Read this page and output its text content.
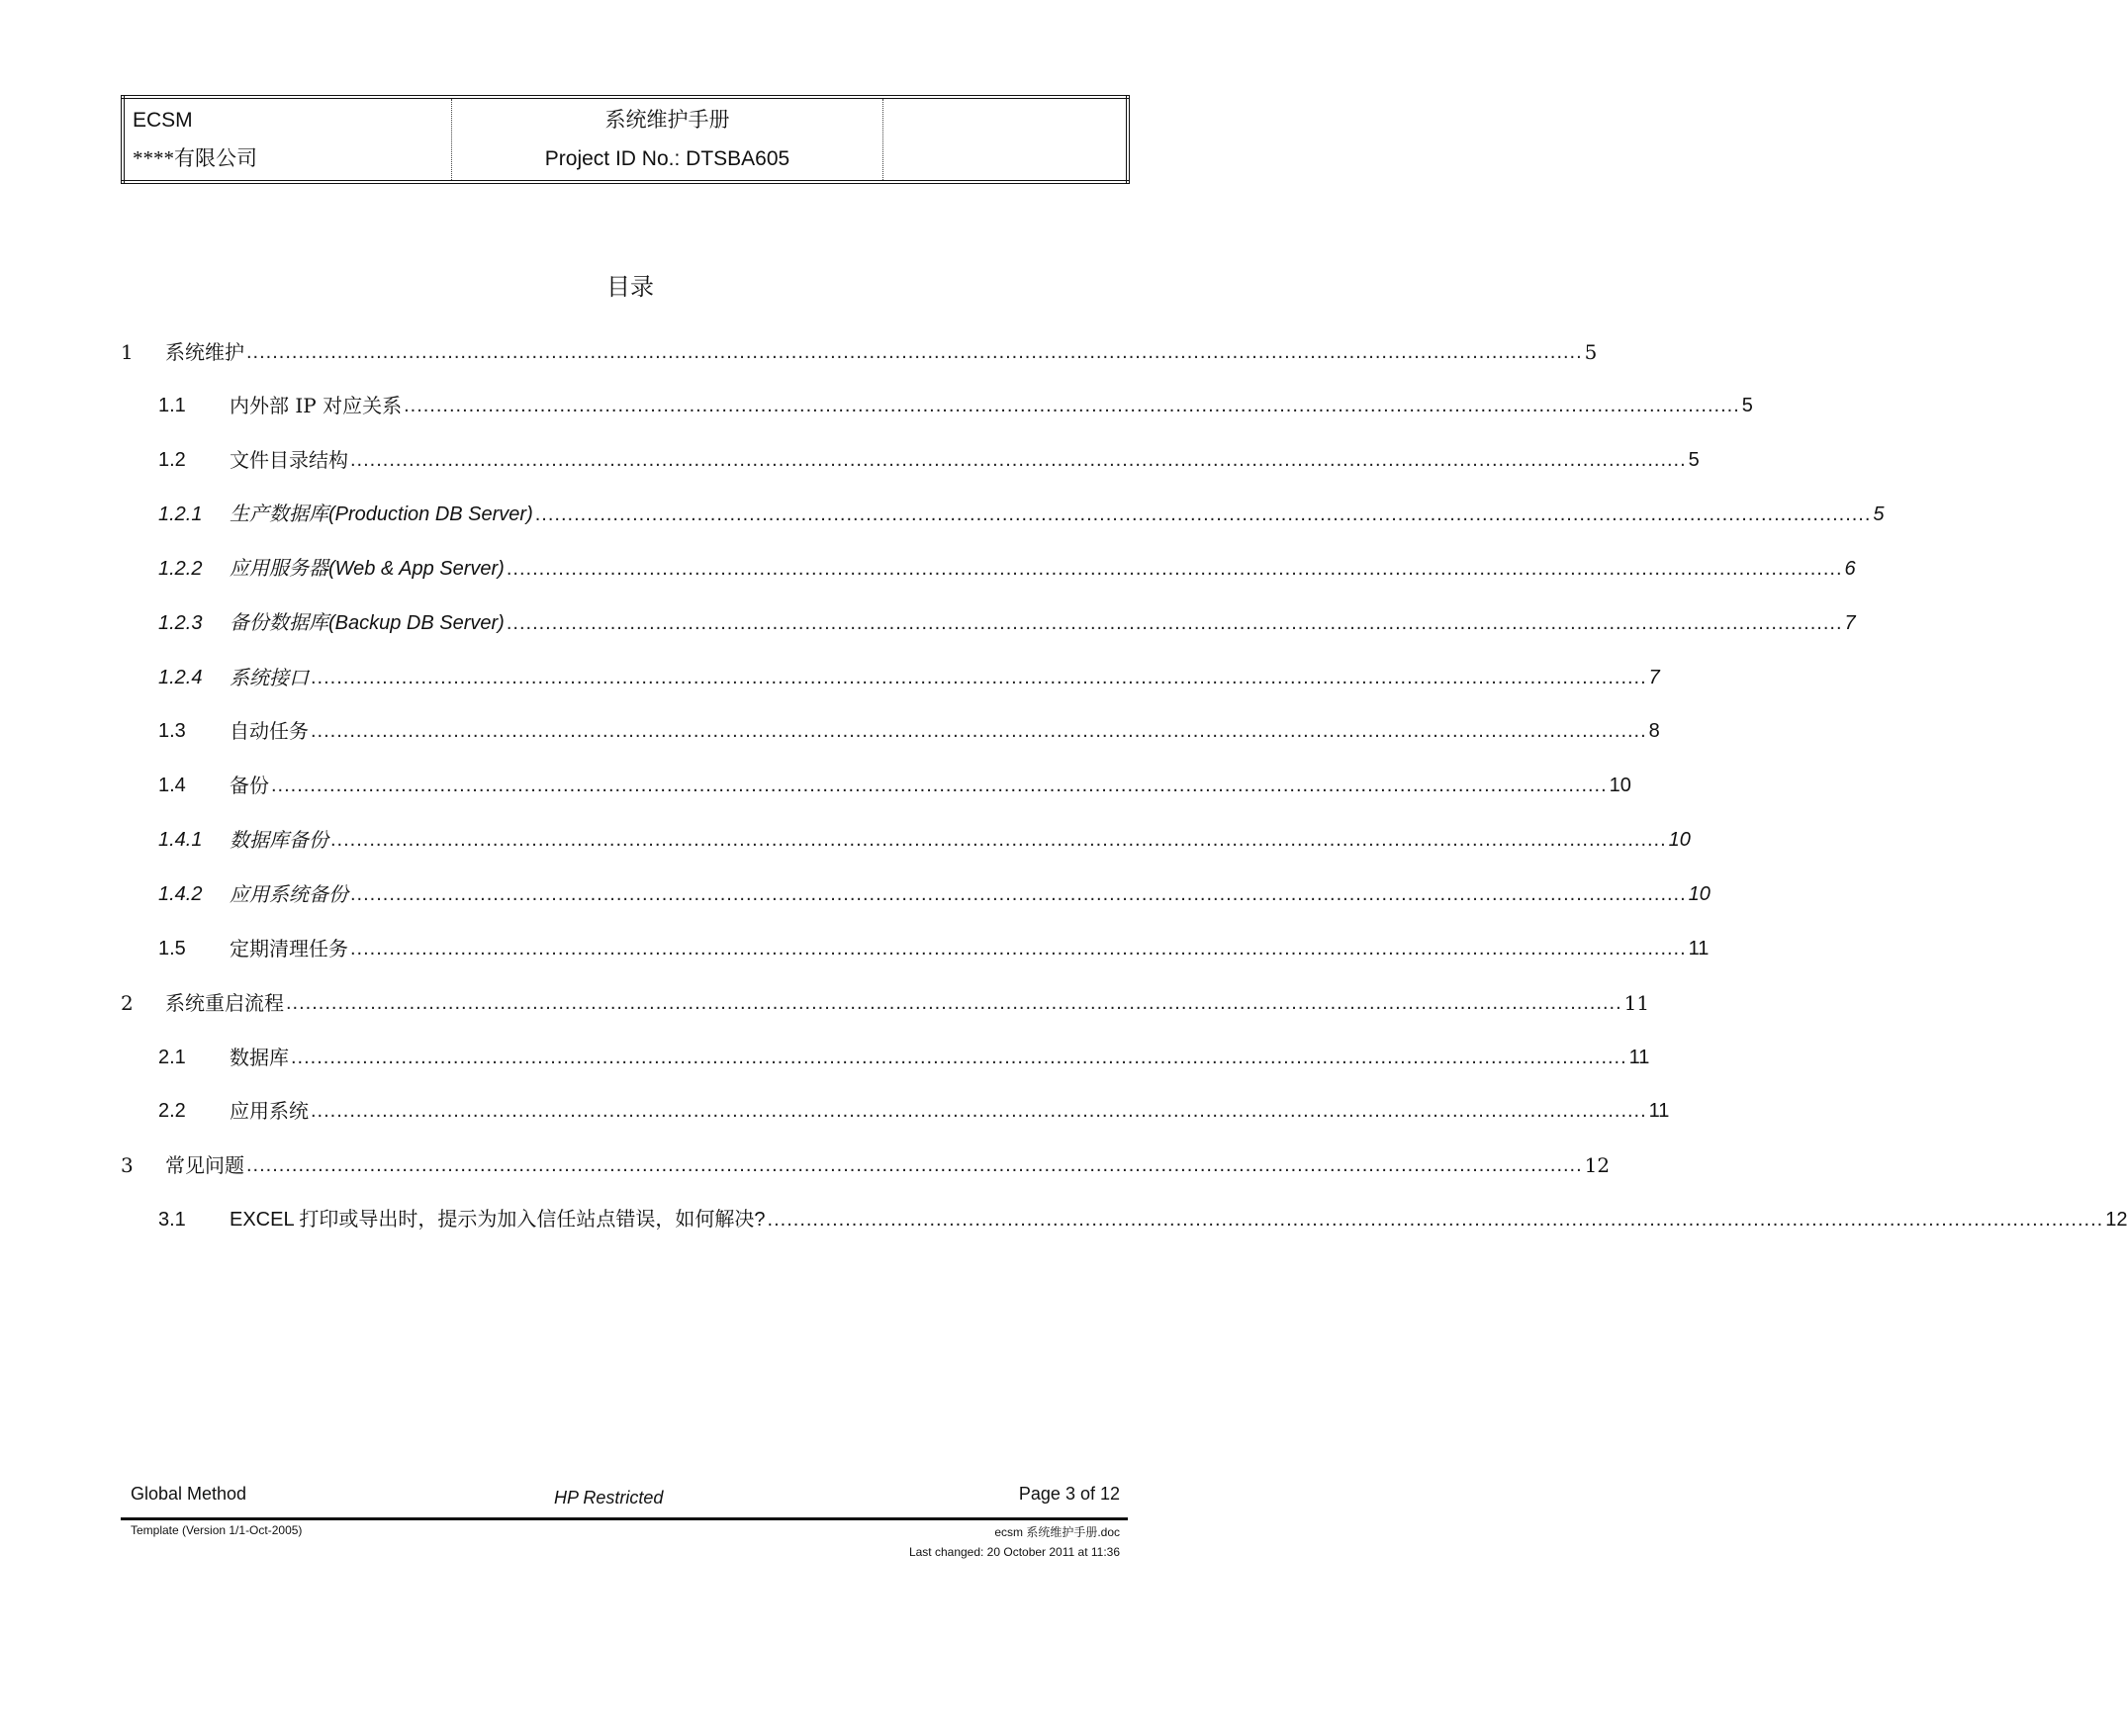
ECSM
****有限公司

系统维护手册
Project ID No.: DTSBA605

目录
1	系统维护 .............................................................................................................................................................................................................. 5
1.1	内外部 IP 对应关系 .............................................................................................................................................................................................................. 5
1.2	文件目录结构 .............................................................................................................................................................................................................. 5
1.2.1	生产数据库(Production DB Server) .............................................................................................................................................................................................................. 5
1.2.2	应用服务器(Web & App Server) .............................................................................................................................................................................................................. 6
1.2.3	备份数据库(Backup DB Server) .............................................................................................................................................................................................................. 7
1.2.4	系统接口 .............................................................................................................................................................................................................. 7
1.3	自动任务 .............................................................................................................................................................................................................. 8
1.4	备份 .............................................................................................................................................................................................................. 10
1.4.1	数据库备份 .............................................................................................................................................................................................................. 10
1.4.2	应用系统备份 .............................................................................................................................................................................................................. 10
1.5	定期清理任务 .............................................................................................................................................................................................................. 11
2	系统重启流程 .............................................................................................................................................................................................................. 11
2.1	数据库 .............................................................................................................................................................................................................. 11
2.2	应用系统 .............................................................................................................................................................................................................. 11
3	常见问题 .............................................................................................................................................................................................................. 12
3.1	EXCEL 打印或导出时，提示为加入信任站点错误，如何解决? .............................................................................................................................................................................................................. 12
Global Method	HP Restricted	Page 3 of 12
Template (Version 1/1-Oct-2005)	ecsm 系统维护手册.doc
Last changed: 20 October 2011 at 11:36
